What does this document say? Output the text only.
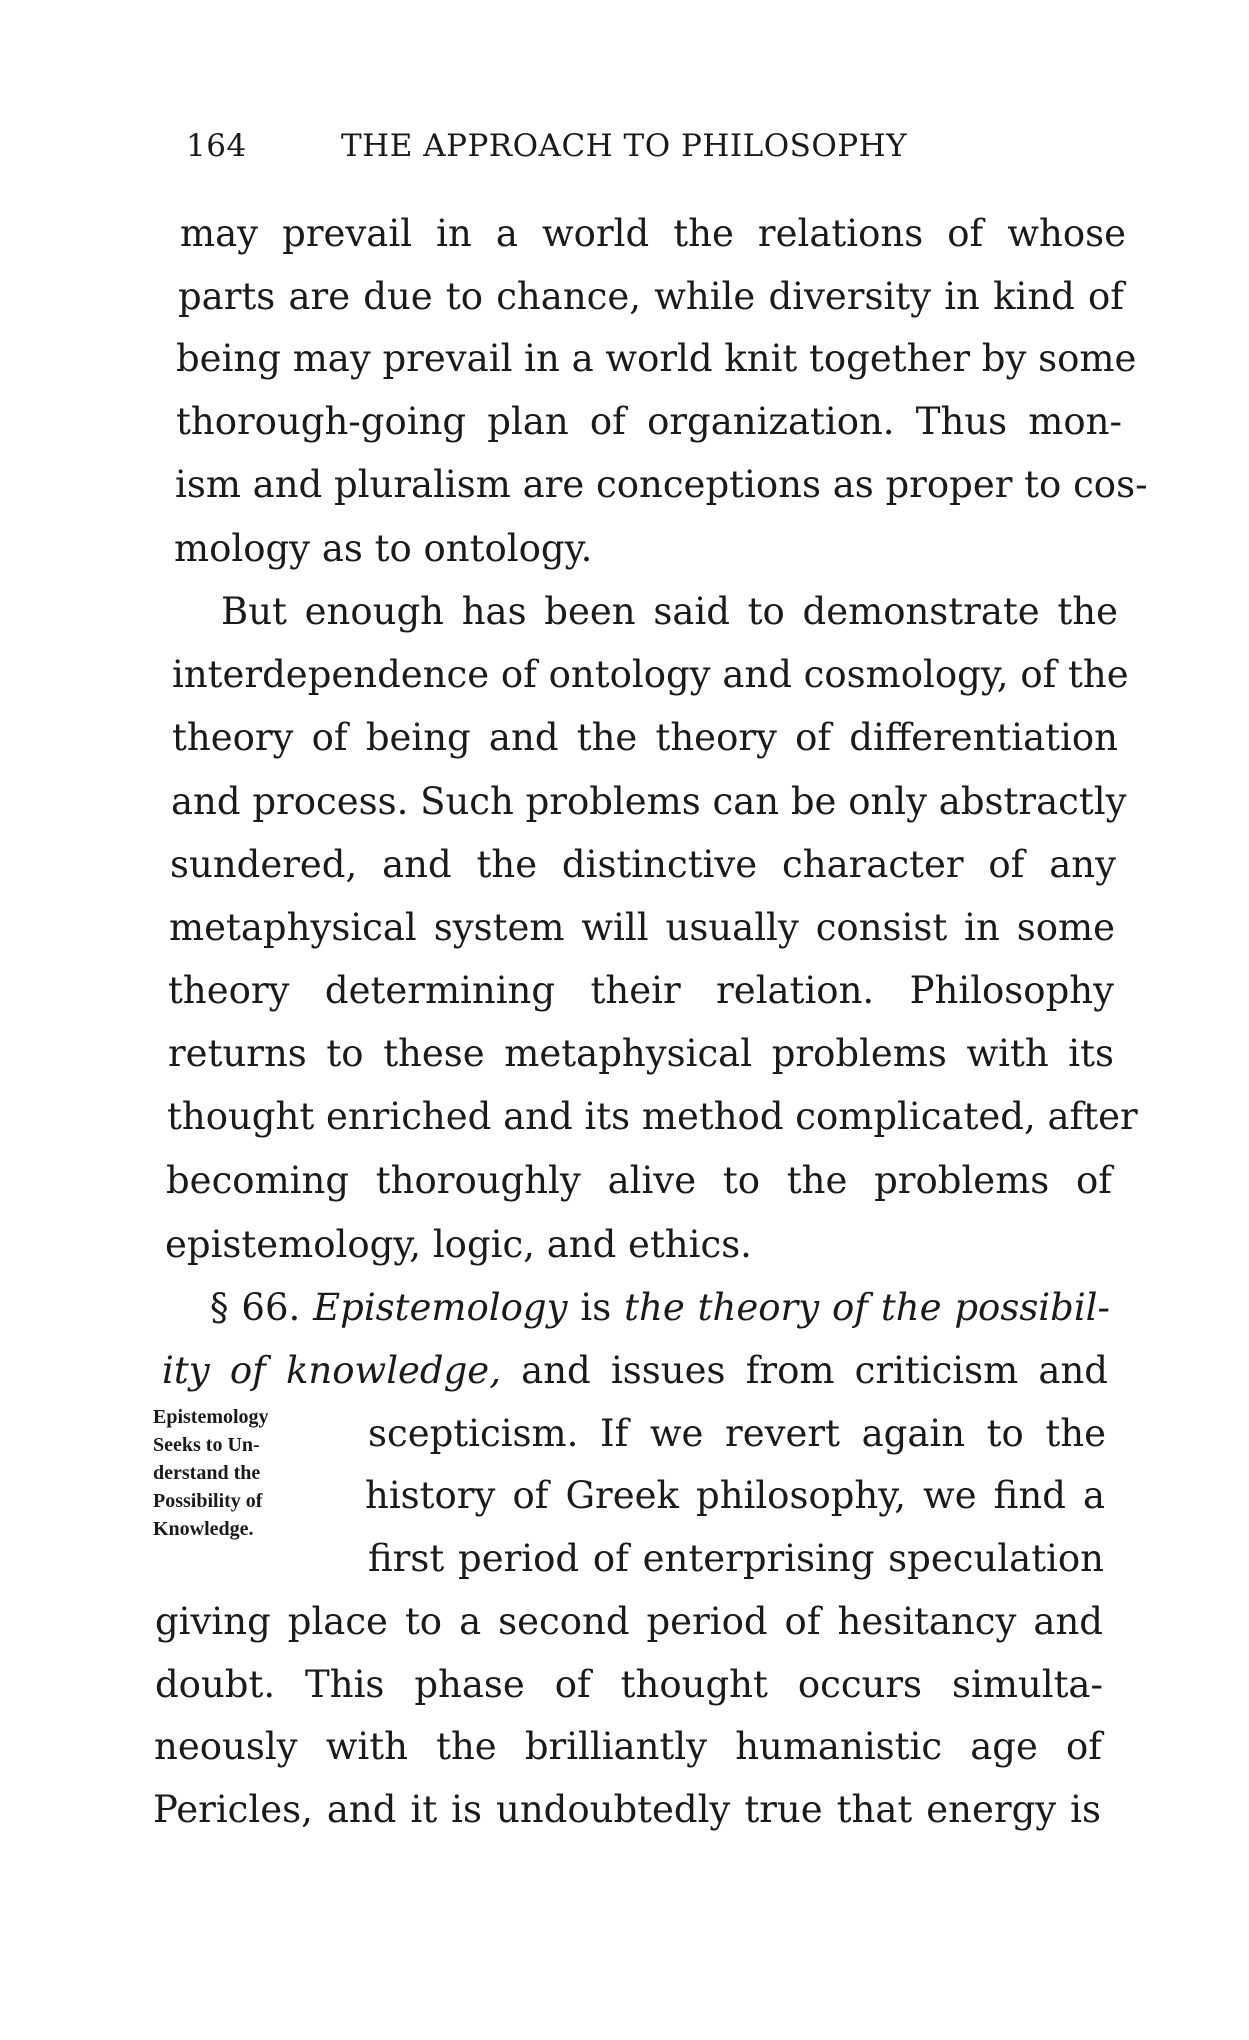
164	THE APPROACH TO PHILOSOPHY
may prevail in a world the relations of whose
parts are due to chance, while diversity in kind of
being may prevail in a world knit together by some
thorough-going plan of organization. Thus mon-
ism and pluralism are conceptions as proper to cos-
mology as to ontology.
But enough has been said to demonstrate the
interdependence of ontology and cosmology, of the
theory of being and the theory of differentiation
and process. Such problems can be only abstractly
sundered, and the distinctive character of any
metaphysical system will usually consist in some
theory determining their relation. Philosophy
returns to these metaphysical problems with its
thought enriched and its method complicated, after
becoming thoroughly alive to the problems of
epistemology, logic, and ethics.
§ 66. Epistemology is the theory of the possibil-
ity of knowledge, and issues from criticism and
scepticism. If we revert again to the
history of Greek philosophy, we find a
first period of enterprising speculation
giving place to a second period of hesitancy and
doubt. This phase of thought occurs simulta-
neously with the brilliantly humanistic age of
Pericles, and it is undoubtedly true that energy is
Epistemology
Seeks to Un-
derstand the
Possibility of
Knowledge.
